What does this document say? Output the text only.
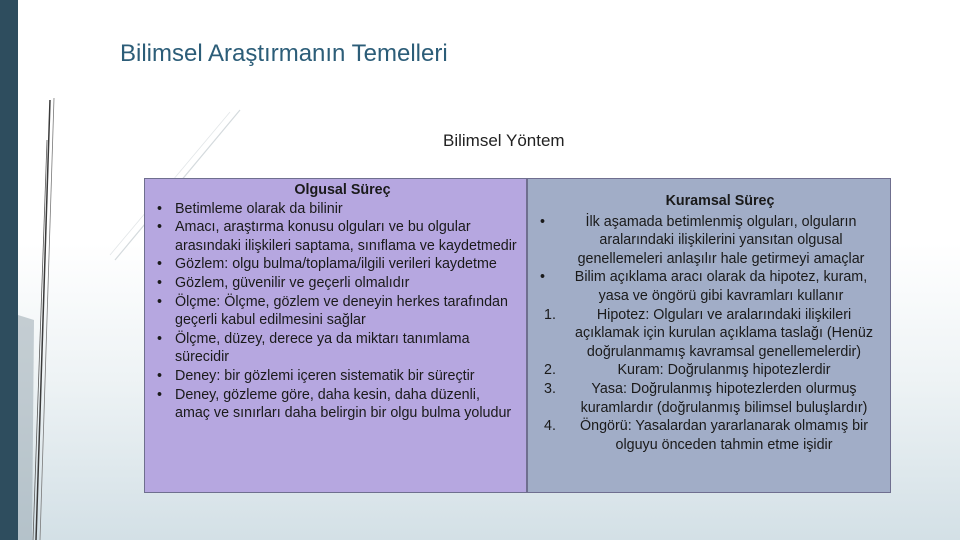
Bilimsel Araştırmanın Temelleri
Bilimsel Yöntem
Olgusal Süreç
• Betimleme olarak da bilinir
• Amacı, araştırma konusu olguları ve bu olgular arasındaki ilişkileri saptama, sınıflama ve kaydetmedir
• Gözlem: olgu bulma/toplama/ilgili verileri kaydetme
• Gözlem, güvenilir ve geçerli olmalıdır
• Ölçme: Ölçme, gözlem ve deneyin herkes tarafından geçerli kabul edilmesini sağlar
• Ölçme, düzey, derece ya da miktarı tanımlama sürecidir
• Deney: bir gözlemi içeren sistematik bir süreçtir
• Deney, gözleme göre, daha kesin, daha düzenli, amaç ve sınırları daha belirgin bir olgu bulma yoludur
Kuramsal Süreç
•	İlk aşamada betimlenmiş olguları, olguların aralarındaki ilişkilerini yansıtan olgusal genellemeleri anlaşılır hale getirmeyi amaçlar
•	Bilim açıklama aracı olarak da hipotez, kuram, yasa ve öngörü gibi kavramları kullanır
1.	Hipotez: Olguları ve aralarındaki ilişkileri açıklamak için kurulan açıklama taslağı (Henüz doğrulanmamış kavramsal genellemelerdir)
2.	Kuram: Doğrulanmış hipotezlerdir
3.	Yasa: Doğrulanmış hipotezlerden olurmuş kuramlardır (doğrulanmış bilimsel buluşlardır)
4.	Öngörü: Yasalardan yararlanarak olmamış bir olguyu önceden tahmin etme işidir
